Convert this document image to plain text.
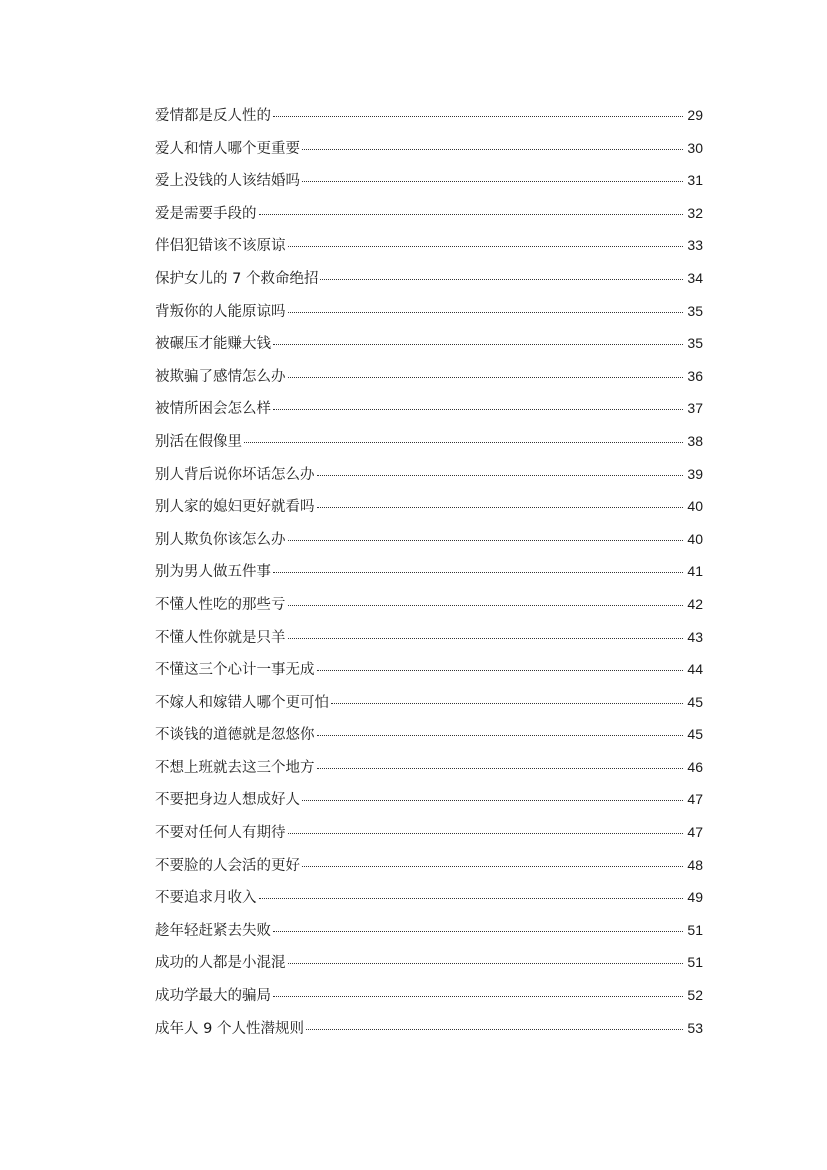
爱情都是反人性的	29
爱人和情人哪个更重要	30
爱上没钱的人该结婚吗	31
爱是需要手段的	32
伴侣犯错该不该原谅	33
保护女儿的 7 个救命绝招	34
背叛你的人能原谅吗	35
被碾压才能赚大钱	35
被欺骗了感情怎么办	36
被情所困会怎么样	37
别活在假像里	38
别人背后说你坏话怎么办	39
别人家的媳妇更好就看吗	40
别人欺负你该怎么办	40
别为男人做五件事	41
不懂人性吃的那些亏	42
不懂人性你就是只羊	43
不懂这三个心计一事无成	44
不嫁人和嫁错人哪个更可怕	45
不谈钱的道德就是忽悠你	45
不想上班就去这三个地方	46
不要把身边人想成好人	47
不要对任何人有期待	47
不要脸的人会活的更好	48
不要追求月收入	49
趁年轻赶紧去失败	51
成功的人都是小混混	51
成功学最大的骗局	52
成年人 9 个人性潜规则	53
